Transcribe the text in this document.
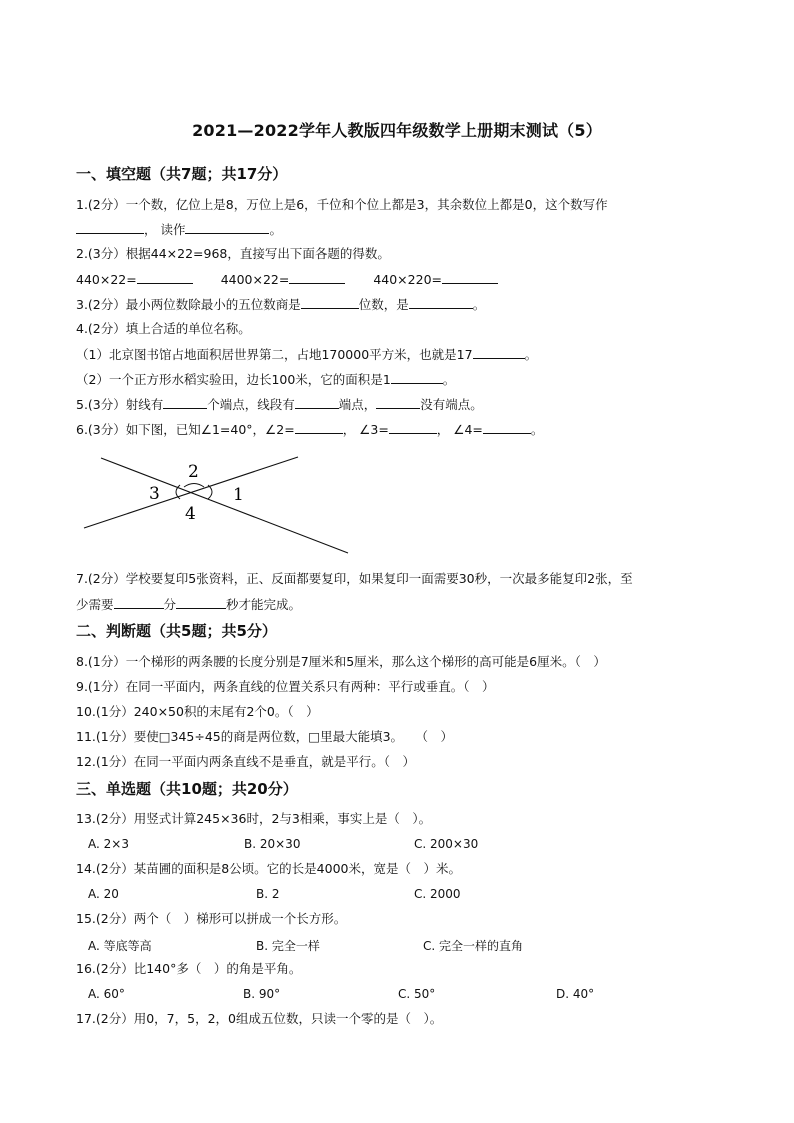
2021—2022学年人教版四年级数学上册期末测试（5）
一、填空题（共7题；共17分）
1.(2分）一个数，亿位上是8，万位上是6，千位和个位上都是3，其余数位上都是0，这个数写作
， 读作	。
2.(3分）根据44×22=968，直接写出下面各题的得数。
440×22=	4400×22=	440×220=
3.(2分）最小两位数除最小的五位数商是	位数，是	。
4.(2分）填上合适的单位名称。
（1）北京图书馆占地面积居世界第二，占地170000平方米，也就是17	。
（2）一个正方形水稻实验田，边长100米，它的面积是1	。
5.(3分）射线有	个端点，线段有	端点，	没有端点。
6.(3分）如下图，已知∠1=40°，∠2=	， ∠3=	， ∠4=	。
2
3	1
4
7.(2分）学校要复印5张资料，正、反面都要复印，如果复印一面需要30秒，一次最多能复印2张，至
少需要	分	秒才能完成。
二、判断题（共5题；共5分）
8.(1分）一个梯形的两条腰的长度分别是7厘米和5厘米，那么这个梯形的高可能是6厘米。（　）
9.(1分）在同一平面内，两条直线的位置关系只有两种：平行或垂直。（　）
10.(1分）240×50积的末尾有2个0。（　）
11.(1分）要使□345÷45的商是两位数，□里最大能填3。　　（　）
12.(1分）在同一平面内两条直线不是垂直，就是平行。（　）
三、单选题（共10题；共20分）
13.(2分）用竖式计算245×36时，2与3相乘，事实上是（　）。
A. 2×3	B. 20×30	C. 200×30
14.(2分）某苗圃的面积是8公顷。它的长是4000米，宽是（　）米。
A. 20	B. 2	C. 2000
15.(2分）两个（　）梯形可以拼成一个长方形。
A. 等底等高	B. 完全一样	C. 完全一样的直角
16.(2分）比140°多（　）的角是平角。
A. 60°	B. 90°	C. 50°	D. 40°
17.(2分）用0，7，5，2，0组成五位数，只读一个零的是（　）。
